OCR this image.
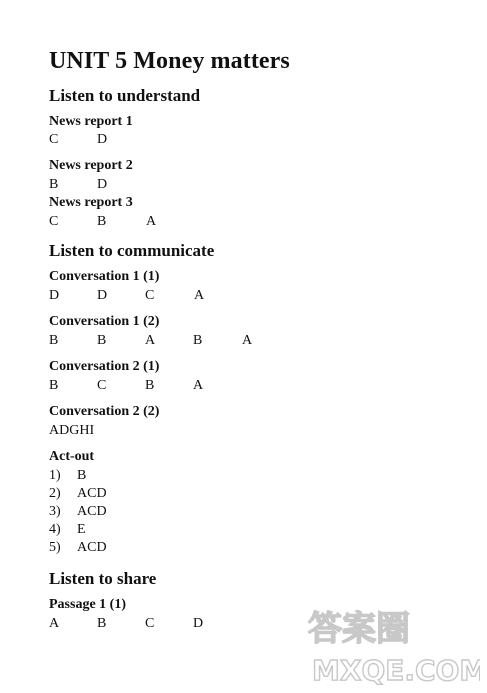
UNIT 5 Money matters
Listen to understand
News report 1
C	D
News report 2
B	D
News report 3
C	B	A
Listen to communicate
Conversation 1 (1)
D	D	C	A
Conversation 1 (2)
B	B	A	B	A
Conversation 2 (1)
B	C	B	A
Conversation 2 (2)
ADGHI
Act-out
1) B
2) ACD
3) ACD
4) E
5) ACD
Listen to share
Passage 1 (1)
A	B	C	D	答案圈
MXQE.COM
